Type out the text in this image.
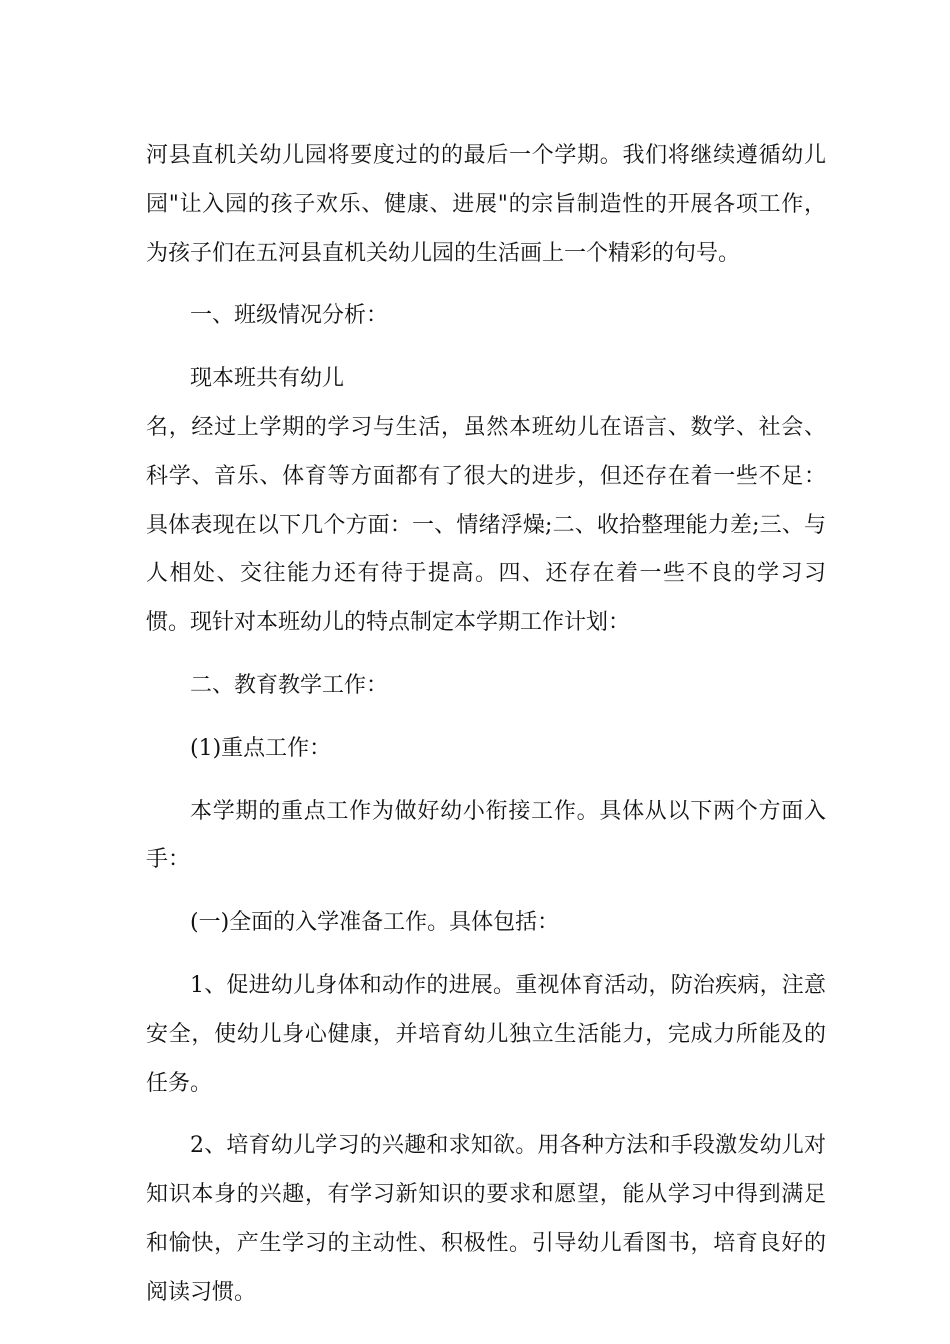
河县直机关幼儿园将要度过的的最后一个学期。我们将继续遵循幼儿园"让入园的孩子欢乐、健康、进展"的宗旨制造性的开展各项工作，为孩子们在五河县直机关幼儿园的生活画上一个精彩的句号。

一、班级情况分析：

现本班共有幼儿

名，经过上学期的学习与生活，虽然本班幼儿在语言、数学、社会、科学、音乐、体育等方面都有了很大的进步，但还存在着一些不足：具体表现在以下几个方面：一、情绪浮燥;二、收拾整理能力差;三、与人相处、交往能力还有待于提高。四、还存在着一些不良的学习习惯。现针对本班幼儿的特点制定本学期工作计划：

二、教育教学工作：

(1)重点工作：

本学期的重点工作为做好幼小衔接工作。具体从以下两个方面入手：

(一)全面的入学准备工作。具体包括：

1、促进幼儿身体和动作的进展。重视体育活动，防治疾病，注意安全，使幼儿身心健康，并培育幼儿独立生活能力，完成力所能及的任务。

2、培育幼儿学习的兴趣和求知欲。用各种方法和手段激发幼儿对知识本身的兴趣，有学习新知识的要求和愿望，能从学习中得到满足和愉快，产生学习的主动性、积极性。引导幼儿看图书，培育良好的阅读习惯。
